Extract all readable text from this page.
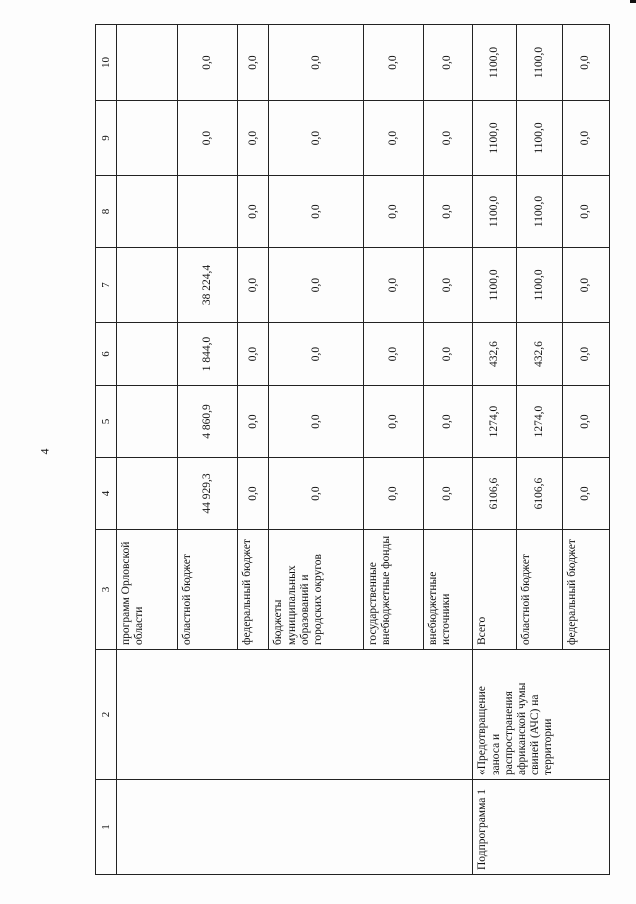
4
1	2	3	4	5	6	7	8	9	10
		программ Орловской области							
		областной бюджет	44 929,3	4 860,9	1 844,0	38 224,4		0,0	0,0
		федеральный бюджет	0,0	0,0	0,0	0,0	0,0	0,0	0,0
		бюджеты муниципальных образований и городских округов	0,0	0,0	0,0	0,0	0,0	0,0	0,0
		государственные внебюджетные фонды	0,0	0,0	0,0	0,0	0,0	0,0	0,0
		внебюджетные источники	0,0	0,0	0,0	0,0	0,0	0,0	0,0
Подпрограмма 1	«Предотвращение заноса и распространения африканской чумы свиней (АЧС) на территории	Всего	6106,6	1274,0	432,6	1100,0	1100,0	1100,0	1100,0
		областной бюджет	6106,6	1274,0	432,6	1100,0	1100,0	1100,0	1100,0
		федеральный бюджет	0,0	0,0	0,0	0,0	0,0	0,0	0,0
